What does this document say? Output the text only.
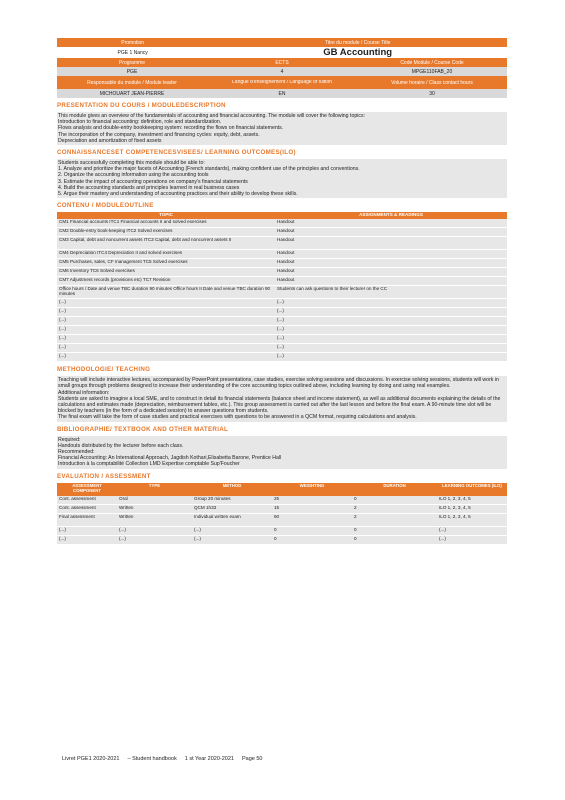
Promotion	Titre du module / Course Title
PGE 1 Nancy	GB Accounting
Programme	ECTS	Code Module / Course Code
PGE	4	MPGE110FAB_20
Responsable du module / Module leader	Langue d'enseignement / Language of tuition	Volume horaire / Class contact hours
MICHOUART JEAN-PIERRE	EN	30
PRESENTATION DU COURS / MODULEDESCRIPTION

This module gives an overview of the fundamentals of accounting and financial accounting. The module will cover the following topics:

Introduction to financial accounting: definition, role and standardization.

Flows analysis and double-entry bookkeeping system: recording the flows on financial statements.

The incorporation of the company, investment and financing cycles: equity, debt, assets.

Depreciation and amortization of fixed assets

CONNAISSANCESET COMPETENCESVISEES/ LEARNING OUTCOMES(ILO)

Students successfully completing this module should be able to:

1. Analyze and prioritize the major facets of Accounting (French standards), making confident use of the principles and conventions.

2. Organize the accounting information using the accounting tools

3. Estimate the impact of accounting operations on company's financial statements

4. Build the accounting standards and principles learned in real business cases

5. Argue their mastery and understanding of accounting practices and their ability to develop these skills.

CONTENU / MODULEOUTLINE
TOPIC	ASSIGNMENTS & READINGS
CM1 Financial accounts ITC1 Financial accounts II and solved exercises	Handout
CM2 Double-entry book-keeping ITC2 Solved exercises	Handout
CM3 Capital, debt and noncurrent assets ITC3 Capital, debt and noncurrent assets II	Handout
CM4 Depreciation ITC4 Depreciation II and solved exercises	Handout
CM5 Purchases, sales, CF management TC5 Solved exercises	Handout
CM6 Inventory TC6 Solved exercises	Handout
CM7 Adjustment records (provisions etc) TC7 Revision	Handout
Office hours / Date and venue TBC duration 90 minutes Office hours II Date and venue TBC duration 90 minutes	Students can ask questions to their lecturer on the CC
(...)	(...)
(...)	(...)
(...)	(...)
(...)	(...)
(...)	(...)
(...)	(...)
(...)	(...)
METHODOLOGIE/ TEACHING

Teaching will include interactive lectures, accompanied by PowerPoint presentations, case studies, exercise solving sessions and discussions. In exercise solving sessions, students will work in small groups through problems designed to increase their understanding of the core accounting topics outlined above, including learning by doing and using real examples.

Additional information:

Students are asked to imagine a local SME, and to construct in detail its financial statements (balance sheet and income statement), as well as additional documents explaining the details of the calculations and estimates made (depreciation, reimbursement tables, etc.). This group assessment is carried out after the last lesson and before the final exam. A 90-minute time slot will be blocked by teachers (in the form of a dedicated session) to answer questions from students.

The final exam will take the form of case studies and practical exercises with questions to be answered in a QCM format, requiring calculations and analysis.

BIBLIOGRAPHIE/ TEXTBOOK AND OTHER MATERIAL

Required:

Handouts distributed by the lecturer before each class.

Recommended:

Financial Accounting: An International Approach, Jagdish Kothari,Elisabetta Barone, Prentice Hall

Introduction à la comptabilité Collection LMD Expertise comptable Sup'Foucher

EVALUATION / ASSESSMENT
ASSESSMENT COMPONENT	TYPE	METHOD	WEIGHTING	DURATION	LEARNING OUTCOMES (ILO)
Cont. assessment	Oral	Group 20 minutes	25	0	ILO 1, 2, 3, 4, 5
Cont. assessment	Written	QCM 1h33	15	2	ILO 1, 2, 3, 4, 5
Final assessment	Written	Individual written exam	60	2	ILO 1, 2, 3, 4, 5
(...)	(...)	(...)	0	0	(...)
(...)	(...)	(...)	0	0	(...)
Livret PGE1 2020-2021 – Student handbook 1 st Year 2020-2021 Page 50
